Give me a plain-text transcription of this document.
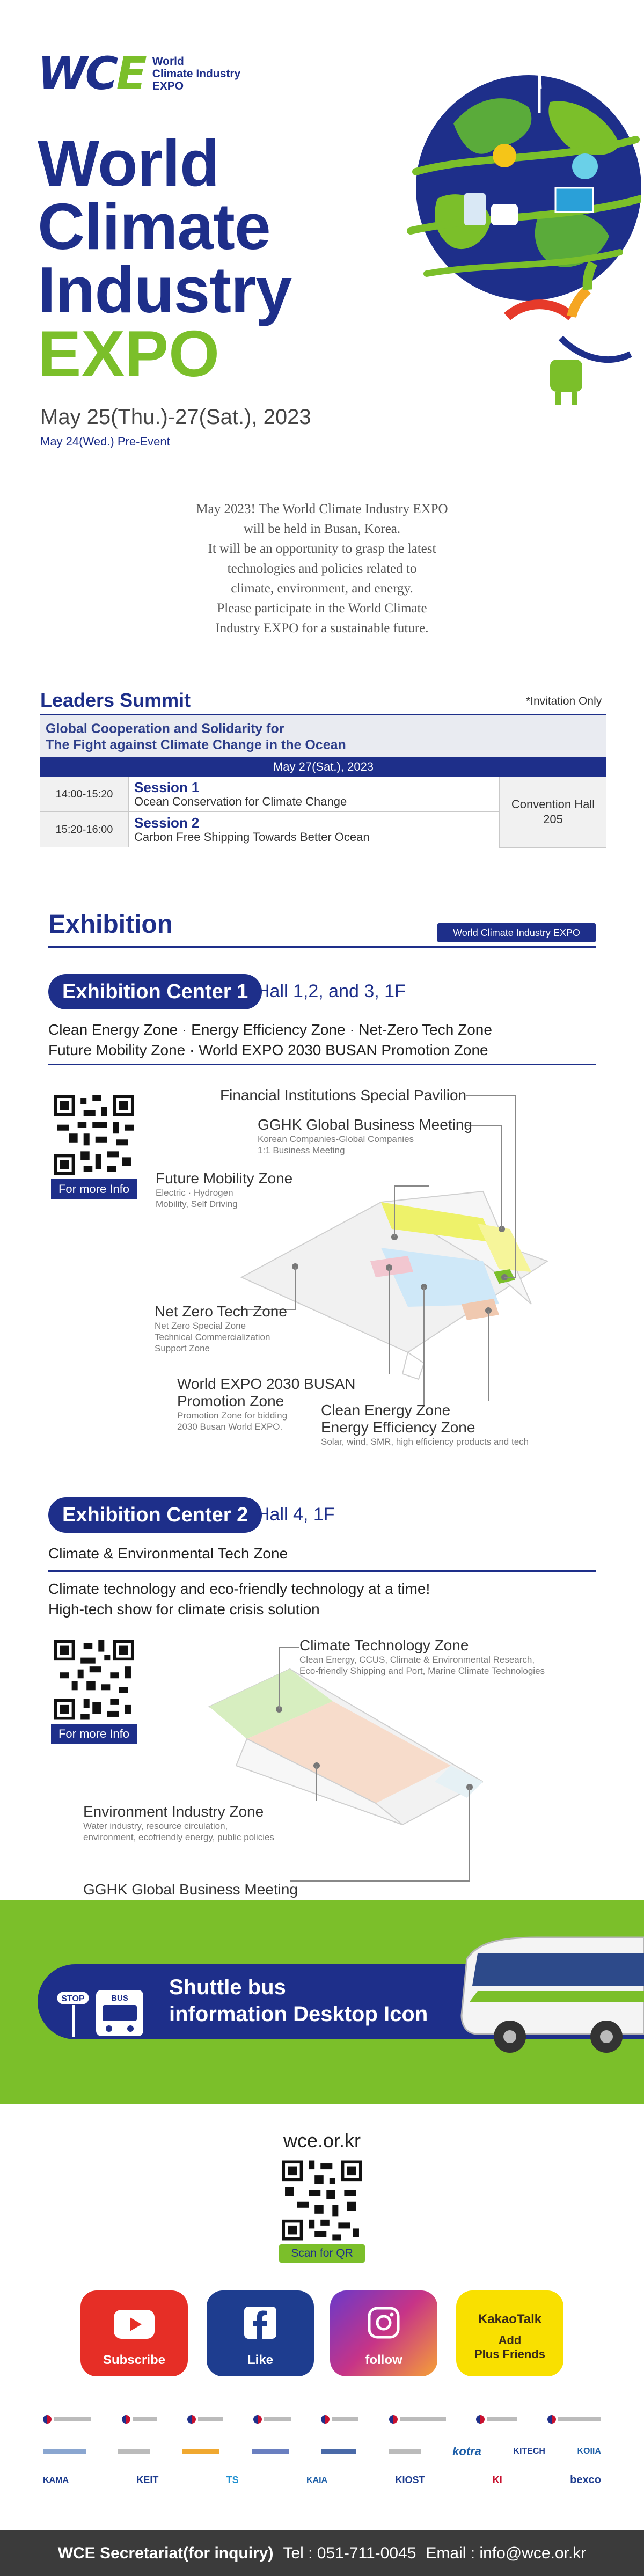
WCE World
Climate Industry
EXPO
World
Climate
Industry
EXPO
May 25(Thu.)-27(Sat.), 2023
May 24(Wed.) Pre-Event
May 2023! The World Climate Industry EXPO
will be held in Busan, Korea.
It will be an opportunity to grasp the latest
technologies and policies related to
climate, environment, and energy.
Please participate in the World Climate
Industry EXPO for a sustainable future.
Leaders Summit	*Invitation Only
Global Cooperation and Solidarity for
The Fight against Climate Change in the Ocean
May 27(Sat.), 2023
14:00-15:20	Session 1
Ocean Conservation for Climate Change
15:20-16:00	Session 2
Carbon Free Shipping Towards Better Ocean
Convention Hall
205
Exhibition	World Climate Industry EXPO
Exhibition Center 1 Hall 1,2, and 3, 1F
Clean Energy Zone · Energy Efficiency Zone · Net-Zero Tech Zone
Future Mobility Zone · World EXPO 2030 BUSAN Promotion Zone
For more Info
Financial Institutions Special Pavilion
GGHK Global Business Meeting
Korean Companies-Global Companies
1:1 Business Meeting
Future Mobility Zone
Electric · Hydrogen
Mobility, Self Driving
Net Zero Tech Zone
Net Zero Special Zone
Technical Commercialization
Support Zone
World EXPO 2030 BUSAN
Promotion Zone
Promotion Zone for bidding
2030 Busan World EXPO.
Clean Energy Zone
Energy Efficiency Zone
Solar, wind, SMR, high efficiency products and tech
Exhibition Center 2 Hall 4, 1F
Climate & Environmental Tech Zone
Climate technology and eco-friendly technology at a time!
High-tech show for climate crisis solution
For more Info
Climate Technology Zone
Clean Energy, CCUS, Climate & Environmental Research,
Eco-friendly Shipping and Port, Marine Climate Technologies
Environment Industry Zone
Water industry, resource circulation,
environment, ecofriendly energy, public policies
GGHK Global Business Meeting
STOP	BUS Shuttle bus
information Desktop Icon
wce.or.kr
Scan for QR
Subscribe	Like	follow
KakaoTalk
Add
Plus Friends
kotra	KITECH	KOIIA
KAMA	KEIT	TS	KAIA	KIOST	KI	bexco
WCE Secretariat(for inquiry) Tel : 051-711-0045 Email : info@wce.or.kr
